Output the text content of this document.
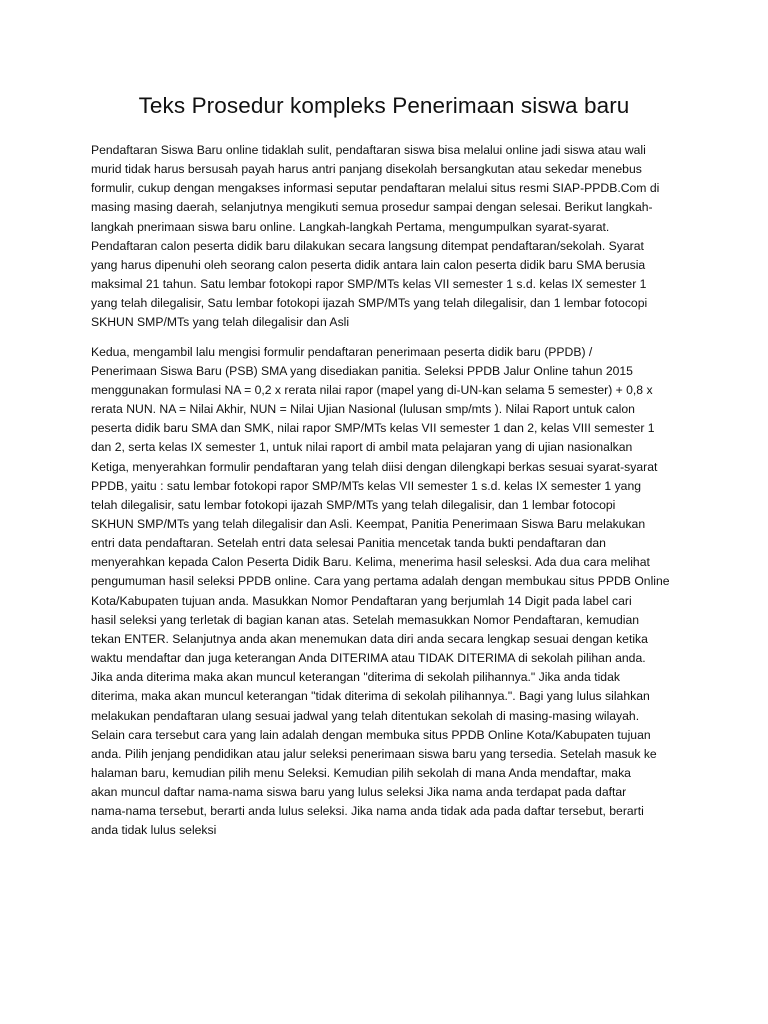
Teks Prosedur kompleks Penerimaan siswa baru

Pendaftaran Siswa Baru online tidaklah sulit, pendaftaran siswa bisa melalui online jadi siswa atau wali
murid tidak harus bersusah payah harus antri panjang disekolah bersangkutan atau sekedar menebus
formulir, cukup dengan mengakses informasi seputar pendaftaran melalui situs resmi SIAP-PPDB.Com di
masing masing daerah, selanjutnya mengikuti semua prosedur sampai dengan selesai. Berikut langkah-
langkah pnerimaan siswa baru online. Langkah-langkah Pertama, mengumpulkan syarat-syarat.
Pendaftaran calon peserta didik baru dilakukan secara langsung ditempat pendaftaran/sekolah. Syarat
yang harus dipenuhi oleh seorang calon peserta didik antara lain calon peserta didik baru SMA berusia
maksimal 21 tahun. Satu lembar fotokopi rapor SMP/MTs kelas VII semester 1 s.d. kelas IX semester 1
yang telah dilegalisir, Satu lembar fotokopi ijazah SMP/MTs yang telah dilegalisir, dan 1 lembar fotocopi
SKHUN SMP/MTs yang telah dilegalisir dan Asli

Kedua, mengambil lalu mengisi formulir pendaftaran penerimaan peserta didik baru (PPDB) /
Penerimaan Siswa Baru (PSB) SMA yang disediakan panitia. Seleksi PPDB Jalur Online tahun 2015
menggunakan formulasi NA = 0,2 x rerata nilai rapor (mapel yang di-UN-kan selama 5 semester) + 0,8 x
rerata NUN. NA = Nilai Akhir, NUN = Nilai Ujian Nasional (lulusan smp/mts ). Nilai Raport untuk calon
peserta didik baru SMA dan SMK, nilai rapor SMP/MTs kelas VII semester 1 dan 2, kelas VIII semester 1
dan 2, serta kelas IX semester 1, untuk nilai raport di ambil mata pelajaran yang di ujian nasionalkan
Ketiga, menyerahkan formulir pendaftaran yang telah diisi dengan dilengkapi berkas sesuai syarat-syarat
PPDB, yaitu : satu lembar fotokopi rapor SMP/MTs kelas VII semester 1 s.d. kelas IX semester 1 yang
telah dilegalisir, satu lembar fotokopi ijazah SMP/MTs yang telah dilegalisir, dan 1 lembar fotocopi
SKHUN SMP/MTs yang telah dilegalisir dan Asli. Keempat, Panitia Penerimaan Siswa Baru melakukan
entri data pendaftaran. Setelah entri data selesai Panitia mencetak tanda bukti pendaftaran dan
menyerahkan kepada Calon Peserta Didik Baru. Kelima, menerima hasil selesksi. Ada dua cara melihat
pengumuman hasil seleksi PPDB online. Cara yang pertama adalah dengan membukau situs PPDB Online
Kota/Kabupaten tujuan anda. Masukkan Nomor Pendaftaran yang berjumlah 14 Digit pada label cari
hasil seleksi yang terletak di bagian kanan atas. Setelah memasukkan Nomor Pendaftaran, kemudian
tekan ENTER. Selanjutnya anda akan menemukan data diri anda secara lengkap sesuai dengan ketika
waktu mendaftar dan juga keterangan Anda DITERIMA atau TIDAK DITERIMA di sekolah pilihan anda.
Jika anda diterima maka akan muncul keterangan "diterima di sekolah pilihannya." Jika anda tidak
diterima, maka akan muncul keterangan "tidak diterima di sekolah pilihannya.". Bagi yang lulus silahkan
melakukan pendaftaran ulang sesuai jadwal yang telah ditentukan sekolah di masing-masing wilayah.
Selain cara tersebut cara yang lain adalah dengan membuka situs PPDB Online Kota/Kabupaten tujuan
anda. Pilih jenjang pendidikan atau jalur seleksi penerimaan siswa baru yang tersedia. Setelah masuk ke
halaman baru, kemudian pilih menu Seleksi. Kemudian pilih sekolah di mana Anda mendaftar, maka
akan muncul daftar nama-nama siswa baru yang lulus seleksi Jika nama anda terdapat pada daftar
nama-nama tersebut, berarti anda lulus seleksi. Jika nama anda tidak ada pada daftar tersebut, berarti
anda tidak lulus seleksi
